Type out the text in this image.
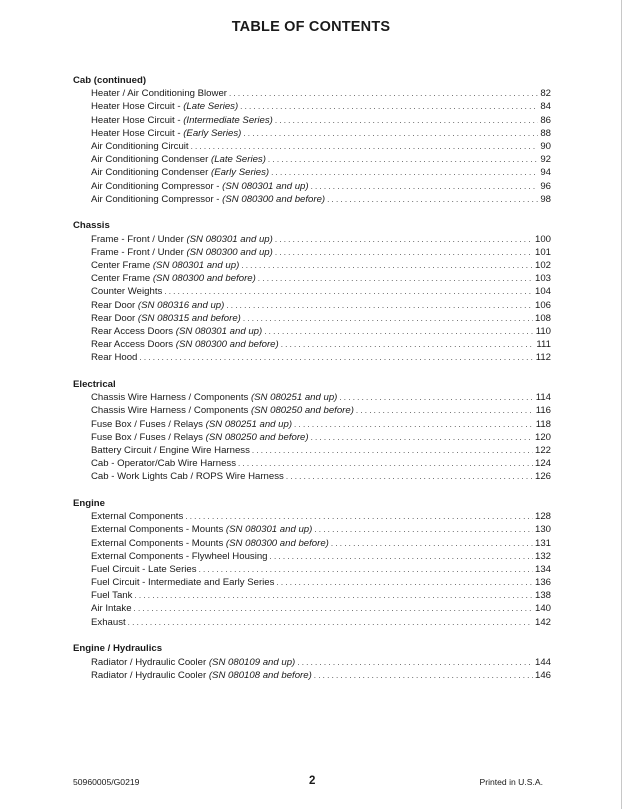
TABLE OF CONTENTS
Cab (continued)
Heater / Air Conditioning Blower . . .	82
Heater Hose Circuit - (Late Series) . . .	84
Heater Hose Circuit - (Intermediate Series) . . .	86
Heater Hose Circuit - (Early Series) . . .	88
Air Conditioning Circuit . . .	90
Air Conditioning Condenser (Late Series) . . .	92
Air Conditioning Condenser (Early Series) . . .	94
Air Conditioning Compressor - (SN 080301 and up) . . .	96
Air Conditioning Compressor - (SN 080300 and before) . . .	98
Chassis
Frame - Front / Under (SN 080301 and up) . . .	100
Frame - Front / Under (SN 080300 and up) . . .	101
Center Frame (SN 080301 and up) . . .	102
Center Frame (SN 080300 and before) . . .	103
Counter Weights . . .	104
Rear Door (SN 080316 and up) . . .	106
Rear Door (SN 080315 and before) . . .	108
Rear Access Doors (SN 080301 and up) . . .	110
Rear Access Doors (SN 080300 and before) . . .	111
Rear Hood . . .	112
Electrical
Chassis Wire Harness / Components (SN 080251 and up) . . .	114
Chassis Wire Harness / Components (SN 080250 and before) . . .	116
Fuse Box / Fuses / Relays (SN 080251 and up) . . .	118
Fuse Box / Fuses / Relays (SN 080250 and before) . . .	120
Battery Circuit / Engine Wire Harness . . .	122
Cab - Operator/Cab Wire Harness . . .	124
Cab - Work Lights Cab / ROPS Wire Harness . . .	126
Engine
External Components . . .	128
External Components - Mounts (SN 080301 and up) . . .	130
External Components - Mounts (SN 080300 and before) . . .	131
External Components - Flywheel Housing . . .	132
Fuel Circuit - Late Series . . .	134
Fuel Circuit - Intermediate and Early Series . . .	136
Fuel Tank . . .	138
Air Intake . . .	140
Exhaust . . .	142
Engine / Hydraulics
Radiator / Hydraulic Cooler (SN 080109 and up) . . .	144
Radiator / Hydraulic Cooler (SN 080108 and before) . . .	146
50960005/G0219	2	Printed in U.S.A.
